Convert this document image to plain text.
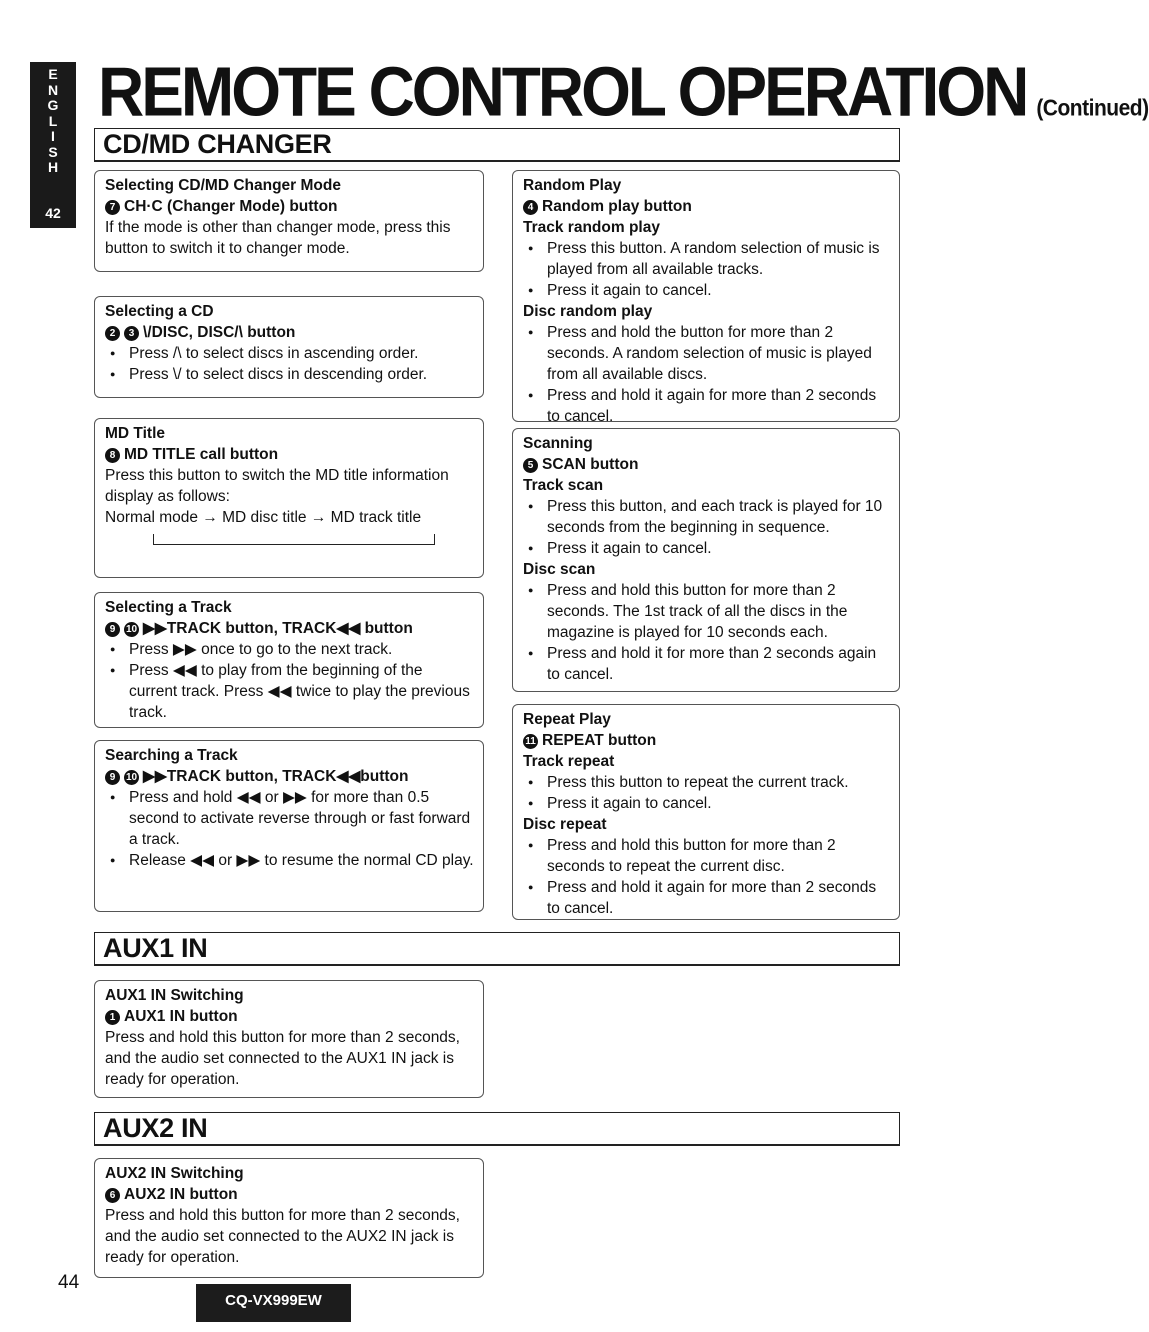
E N G L I S H
42
REMOTE CONTROL OPERATION (Continued)
CD/MD CHANGER
Selecting CD/MD Changer Mode
7 CH·C (Changer Mode) button

If the mode is other than changer mode, press this button to switch it to changer mode.

Selecting a CD
2 3 \/DISC, DISC/\ button
● Press /\ to select discs in ascending order.
● Press \/ to select discs in descending order.
MD Title
8 MD TITLE call button

Press this button to switch the MD title information display as follows:

Normal mode → MD disc title → MD track title

Selecting a Track
9 10 ▶▶TRACK button, TRACK◀◀ button
● Press ▶▶ once to go to the next track.
● Press ◀◀ to play from the beginning of the current track. Press ◀◀ twice to play the previous track.
Searching a Track
9 10 ▶▶TRACK button, TRACK◀◀button
● Press and hold ◀◀ or ▶▶ for more than 0.5 second to activate reverse through or fast forward a track.
● Release ◀◀ or ▶▶ to resume the normal CD play.
Random Play
4 Random play button
Track random play
● Press this button. A random selection of music is played from all available tracks.
● Press it again to cancel.
Disc random play
● Press and hold the button for more than 2 seconds. A random selection of music is played from all available discs.
● Press and hold it again for more than 2 seconds to cancel.
Scanning
5 SCAN button
Track scan
● Press this button, and each track is played for 10 seconds from the beginning in sequence.
● Press it again to cancel.
Disc scan
● Press and hold this button for more than 2 seconds. The 1st track of all the discs in the magazine is played for 10 seconds each.
● Press and hold it for more than 2 seconds again to cancel.
Repeat Play
11 REPEAT button
Track repeat
● Press this button to repeat the current track.
● Press it again to cancel.
Disc repeat
● Press and hold this button for more than 2 seconds to repeat the current disc.
● Press and hold it again for more than 2 seconds to cancel.
AUX1 IN
AUX1 IN Switching
1 AUX1 IN button

Press and hold this button for more than 2 seconds, and the audio set connected to the AUX1 IN jack is ready for operation.

AUX2 IN
AUX2 IN Switching
6 AUX2 IN button

Press and hold this button for more than 2 seconds, and the audio set connected to the AUX2 IN jack is ready for operation.

44
CQ-VX999EW
